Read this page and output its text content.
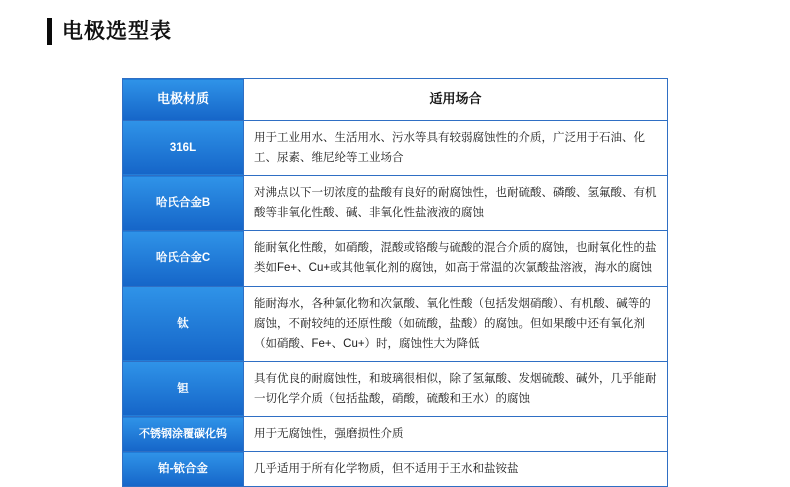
电极选型表
电极材质	适用场合
316L	用于工业用水、生活用水、污水等具有较弱腐蚀性的介质，广泛用于石油、化工、尿素、维尼纶等工业场合
哈氏合金B	对沸点以下一切浓度的盐酸有良好的耐腐蚀性，也耐硫酸、磷酸、氢氟酸、有机酸等非氧化性酸、碱、非氧化性盐液液的腐蚀
哈氏合金C	能耐氧化性酸，如硝酸，混酸或铬酸与硫酸的混合介质的腐蚀，也耐氧化性的盐类如Fe+、Cu+或其他氧化剂的腐蚀，如高于常温的次氯酸盐溶液，海水的腐蚀
钛	能耐海水，各种氯化物和次氯酸、氧化性酸（包括发烟硝酸）、有机酸、碱等的腐蚀，不耐较纯的还原性酸（如硫酸，盐酸）的腐蚀。但如果酸中还有氧化剂（如硝酸、Fe+、Cu+）时，腐蚀性大为降低
钽	具有优良的耐腐蚀性，和玻璃很相似，除了氢氟酸、发烟硫酸、碱外，几乎能耐一切化学介质（包括盐酸，硝酸，硫酸和王水）的腐蚀
不锈钢涂覆碳化钨	用于无腐蚀性，强磨损性介质
铂-铱合金	几乎适用于所有化学物质，但不适用于王水和盐铵盐
